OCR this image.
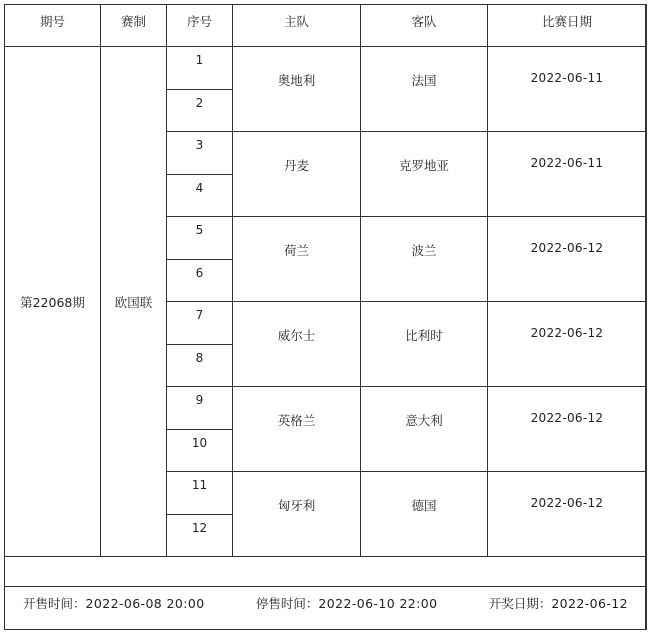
期号	赛制	序号	主队	客队	比赛日期
第22068期	欧国联	1	奥地利	法国	2022-06-11
		2			
		3	丹麦	克罗地亚	2022-06-11
		4			
		5	荷兰	波兰	2022-06-12
		6			
		7	威尔士	比利时	2022-06-12
		8			
		9	英格兰	意大利	2022-06-12
		10			
		11	匈牙利	德国	2022-06-12
		12			

开售时间：2022-06-08 20:00 停售时间：2022-06-10 22:00 开奖日期：2022-06-12					
